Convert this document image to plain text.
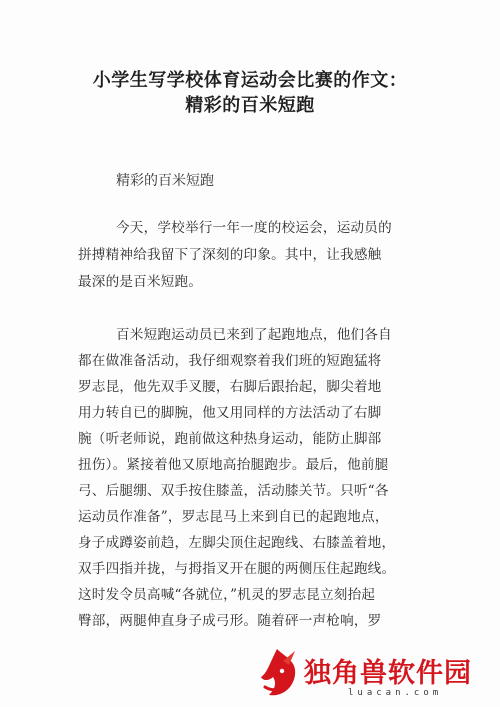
小学生写学校体育运动会比赛的作文：
精彩的百米短跑
精彩的百米短跑
今天，学校举行一年一度的校运会，运动员的
拼搏精神给我留下了深刻的印象。其中，让我感触
最深的是百米短跑。
百米短跑运动员已来到了起跑地点，他们各自
都在做准备活动，我仔细观察着我们班的短跑猛将
罗志昆，他先双手叉腰，右脚后跟抬起，脚尖着地
用力转自已的脚腕，他又用同样的方法活动了右脚
腕（听老师说，跑前做这种热身运动，能防止脚部
扭伤）。紧接着他又原地高抬腿跑步。最后，他前腿
弓、后腿绷、双手按住膝盖，活动膝关节。只听“各
运动员作准备”，罗志昆马上来到自已的起跑地点，
身子成蹲姿前趋，左脚尖顶住起跑线、右膝盖着地，
双手四指并拢，与拇指叉开在腿的两侧压住起跑线。
这时发令员高喊“各就位，”机灵的罗志昆立刻抬起
臀部，两腿伸直身子成弓形。随着砰一声枪响，罗
独角兽软件园
luacan.com
